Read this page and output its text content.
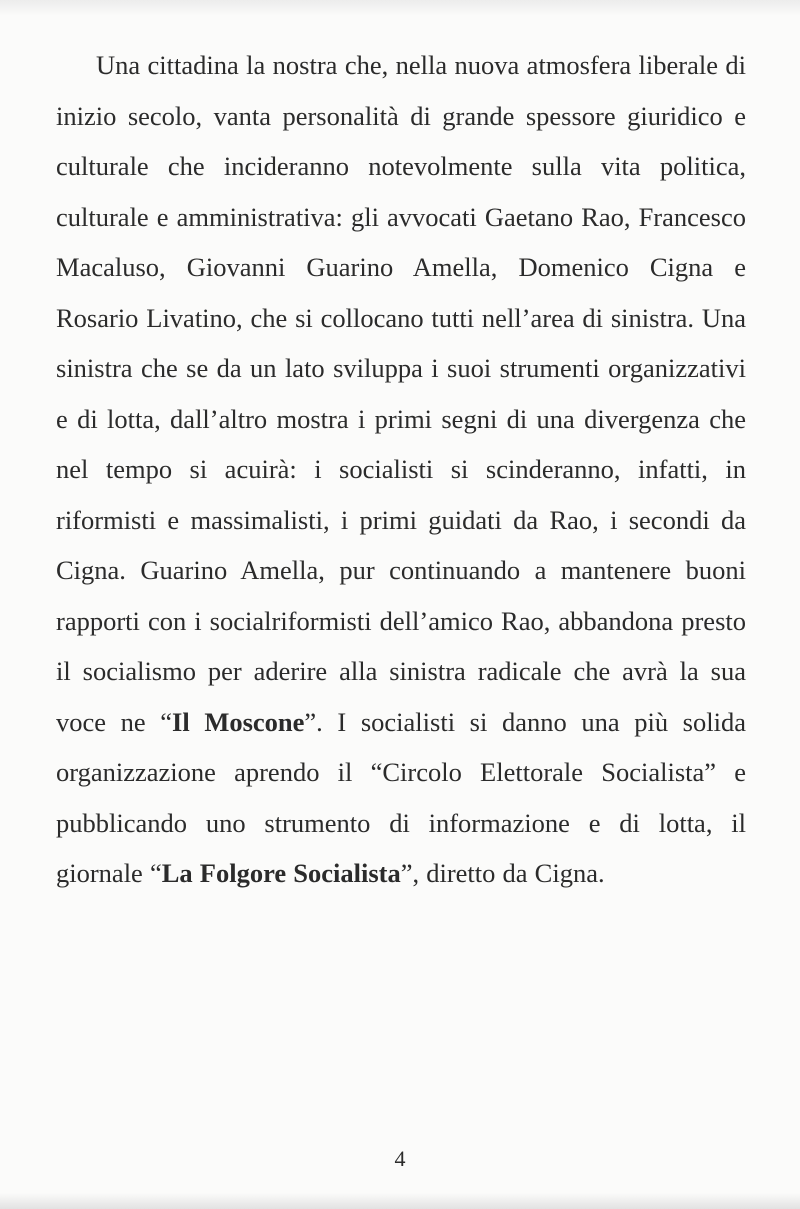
Una cittadina la nostra che, nella nuova atmosfera liberale di inizio secolo, vanta personalità di grande spessore giuridico e culturale che incideranno notevolmente sulla vita politica, culturale e amministrativa: gli avvocati Gaetano Rao, Francesco Macaluso, Giovanni Guarino Amella, Domenico Cigna e Rosario Livatino, che si collocano tutti nell’area di sinistra. Una sinistra che se da un lato sviluppa i suoi strumenti organizzativi e di lotta, dall’altro mostra i primi segni di una divergenza che nel tempo si acuirà: i socialisti si scinderanno, infatti, in riformisti e massimalisti, i primi guidati da Rao, i secondi da Cigna. Guarino Amella, pur continuando a mantenere buoni rapporti con i socialriformisti dell’amico Rao, abbandona presto il socialismo per aderire alla sinistra radicale che avrà la sua voce ne “Il Moscone”. I socialisti si danno una più solida organizzazione aprendo il “Circolo Elettorale Socialista” e pubblicando uno strumento di informazione e di lotta, il giornale “La Folgore Socialista”, diretto da Cigna.
4
